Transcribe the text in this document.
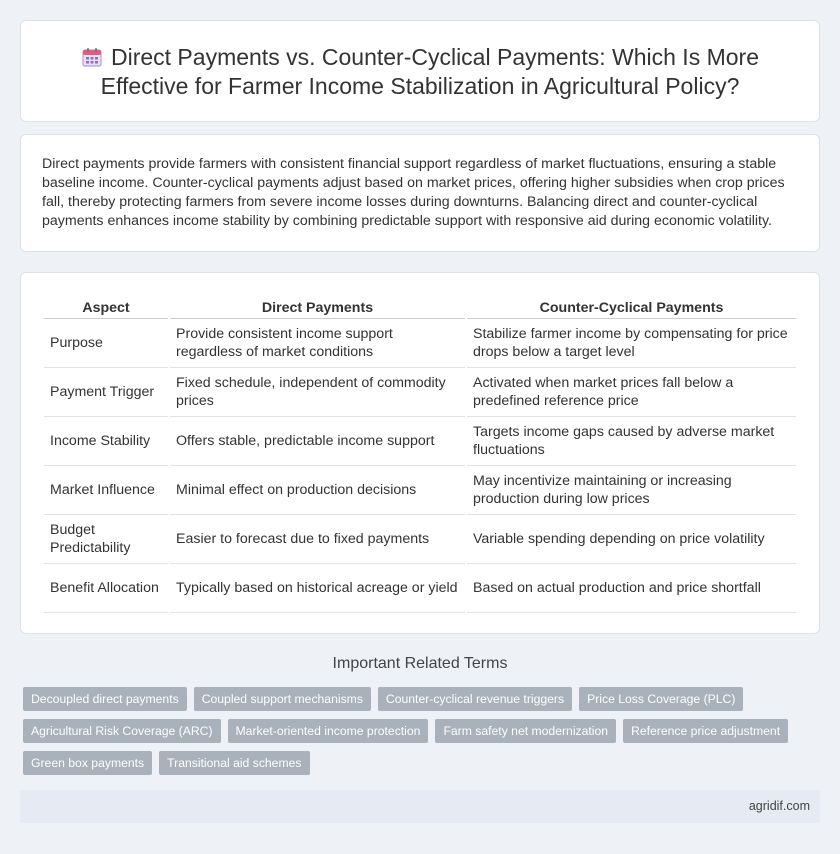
Direct Payments vs. Counter-Cyclical Payments: Which Is More Effective for Farmer Income Stabilization in Agricultural Policy?

Direct payments provide farmers with consistent financial support regardless of market fluctuations, ensuring a stable baseline income. Counter-cyclical payments adjust based on market prices, offering higher subsidies when crop prices fall, thereby protecting farmers from severe income losses during downturns. Balancing direct and counter-cyclical payments enhances income stability by combining predictable support with responsive aid during economic volatility.

Aspect	Direct Payments	Counter-Cyclical Payments
Purpose	Provide consistent income support regardless of market conditions	Stabilize farmer income by compensating for price drops below a target level
Payment Trigger	Fixed schedule, independent of commodity prices	Activated when market prices fall below a predefined reference price
Income Stability	Offers stable, predictable income support	Targets income gaps caused by adverse market fluctuations
Market Influence	Minimal effect on production decisions	May incentivize maintaining or increasing production during low prices
Budget Predictability	Easier to forecast due to fixed payments	Variable spending depending on price volatility
Benefit Allocation	Typically based on historical acreage or yield	Based on actual production and price shortfall
Important Related Terms
Decoupled direct payments	Coupled support mechanisms	Counter-cyclical revenue triggers	Price Loss Coverage (PLC)
Agricultural Risk Coverage (ARC)	Market-oriented income protection	Farm safety net modernization	Reference price adjustment
Green box payments	Transitional aid schemes
agridif.com
